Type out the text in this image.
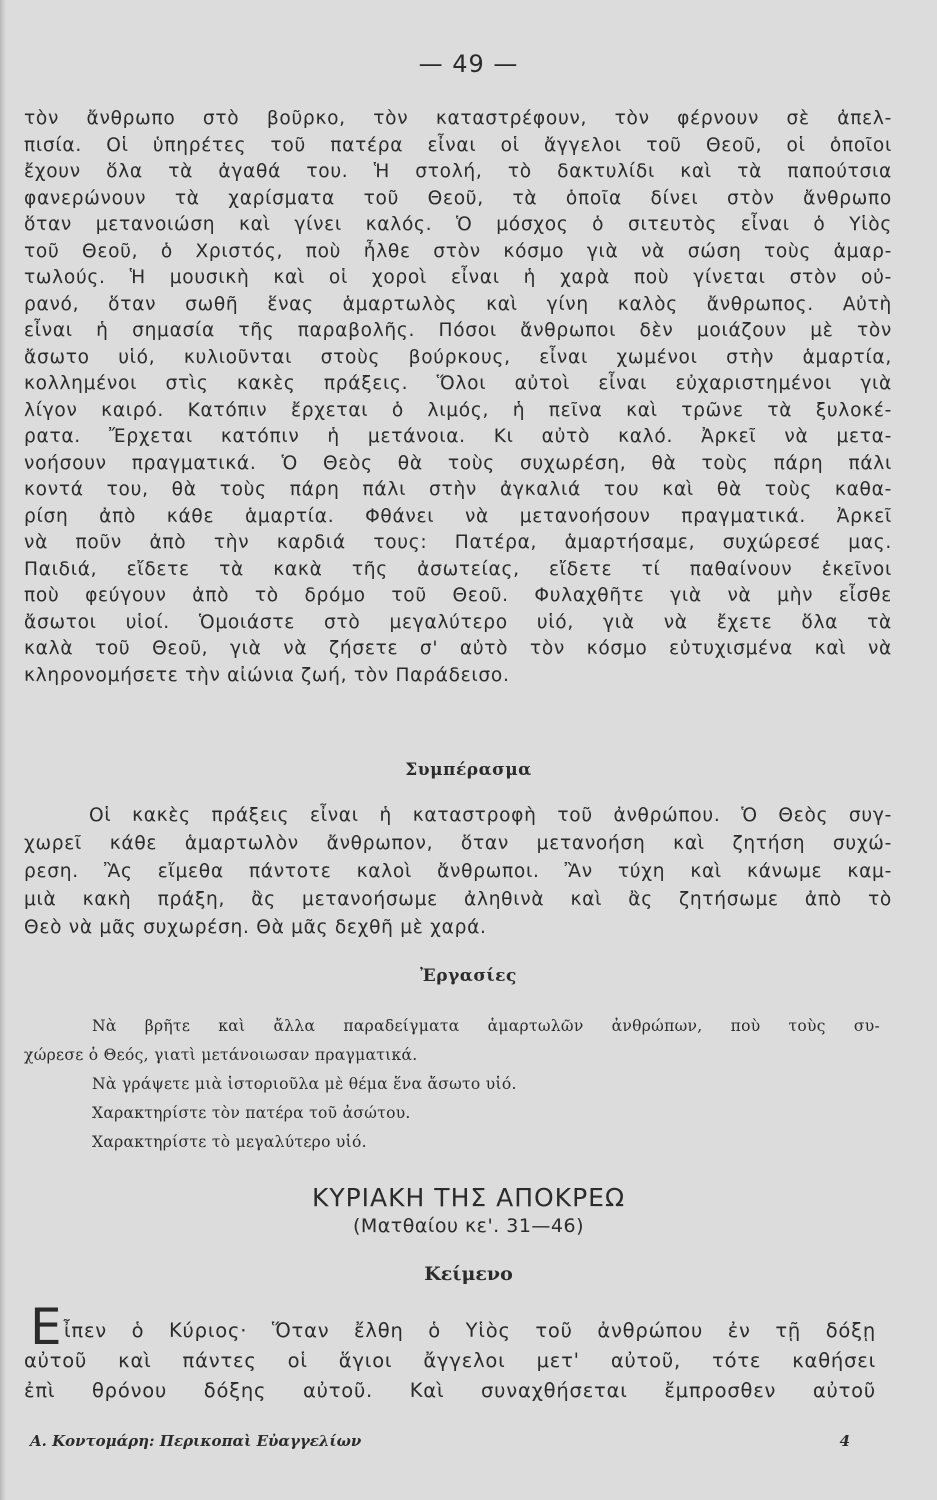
— 49 —
τὸν ἄνθρωπο στὸ βοῦρκο, τὸν καταστρέφουν, τὸν φέρνουν σὲ ἀπελ-
πισία. Οἱ ὑπηρέτες τοῦ πατέρα εἶναι οἱ ἄγγελοι τοῦ Θεοῦ, οἱ ὁποῖοι
ἔχουν ὅλα τὰ ἀγαθά του. Ἡ στολή, τὸ δακτυλίδι καὶ τὰ παπούτσια
φανερώνουν τὰ χαρίσματα τοῦ Θεοῦ, τὰ ὁποῖα δίνει στὸν ἄνθρωπο
ὅταν μετανοιώση καὶ γίνει καλός. Ὁ μόσχος ὁ σιτευτὸς εἶναι ὁ Υἱὸς
τοῦ Θεοῦ, ὁ Χριστός, ποὺ ἦλθε στὸν κόσμο γιὰ νὰ σώση τοὺς ἁμαρ-
τωλούς. Ἡ μουσικὴ καὶ οἱ χοροὶ εἶναι ἡ χαρὰ ποὺ γίνεται στὸν οὐ-
ρανό, ὅταν σωθῆ ἕνας ἁμαρτωλὸς καὶ γίνη καλὸς ἄνθρωπος. Αὐτὴ
εἶναι ἡ σημασία τῆς παραβολῆς. Πόσοι ἄνθρωποι δὲν μοιάζουν μὲ τὸν
ἄσωτο υἱό, κυλιοῦνται στοὺς βούρκους, εἶναι χωμένοι στὴν ἁμαρτία,
κολλημένοι στὶς κακὲς πράξεις. Ὅλοι αὐτοὶ εἶναι εὐχαριστημένοι γιὰ
λίγον καιρό. Κατόπιν ἔρχεται ὁ λιμός, ἡ πεῖνα καὶ τρῶνε τὰ ξυλοκέ-
ρατα. Ἔρχεται κατόπιν ἡ μετάνοια. Κι αὐτὸ καλό. Ἀρκεῖ νὰ μετα-
νοήσουν πραγματικά. Ὁ Θεὸς θὰ τοὺς συχωρέση, θὰ τοὺς πάρη πάλι
κοντά του, θὰ τοὺς πάρη πάλι στὴν ἀγκαλιά του καὶ θὰ τοὺς καθα-
ρίση ἀπὸ κάθε ἁμαρτία. Φθάνει νὰ μετανοήσουν πραγματικά. Ἀρκεῖ
νὰ ποῦν ἀπὸ τὴν καρδιά τους: Πατέρα, ἁμαρτήσαμε, συχώρεσέ μας.
Παιδιά, εἴδετε τὰ κακὰ τῆς ἀσωτείας, εἴδετε τί παθαίνουν ἐκεῖνοι
ποὺ φεύγουν ἀπὸ τὸ δρόμο τοῦ Θεοῦ. Φυλαχθῆτε γιὰ νὰ μὴν εἶσθε
ἄσωτοι υἱοί. Ὁμοιάστε στὸ μεγαλύτερο υἱό, γιὰ νὰ ἔχετε ὅλα τὰ
καλὰ τοῦ Θεοῦ, γιὰ νὰ ζήσετε σ' αὐτὸ τὸν κόσμο εὐτυχισμένα καὶ νὰ
κληρονομήσετε τὴν αἰώνια ζωή, τὸν Παράδεισο.
Συμπέρασμα
Οἱ κακὲς πράξεις εἶναι ἡ καταστροφὴ τοῦ ἀνθρώπου. Ὁ Θεὸς συγ-
χωρεῖ κάθε ἁμαρτωλὸν ἄνθρωπον, ὅταν μετανοήση καὶ ζητήση συχώ-
ρεση. Ἂς εἴμεθα πάντοτε καλοὶ ἄνθρωποι. Ἂν τύχη καὶ κάνωμε καμ-
μιὰ κακὴ πράξη, ἂς μετανοήσωμε ἀληθινὰ καὶ ἂς ζητήσωμε ἀπὸ τὸ
Θεὸ νὰ μᾶς συχωρέση. Θὰ μᾶς δεχθῆ μὲ χαρά.
Ἐργασίες
Νὰ βρῆτε καὶ ἄλλα παραδείγματα ἁμαρτωλῶν ἀνθρώπων, ποὺ τοὺς συ-
χώρεσε ὁ Θεός, γιατὶ μετάνοιωσαν πραγματικά.
Νὰ γράψετε μιὰ ἱστοριοῦλα μὲ θέμα ἕνα ἄσωτο υἱό.
Χαρακτηρίστε τὸν πατέρα τοῦ ἀσώτου.
Χαρακτηρίστε τὸ μεγαλύτερο υἱό.
ΚΥΡΙΑΚΗ ΤΗΣ ΑΠΟΚΡΕΩ
(Ματθαίου κε'. 31—46)
Κείμενο
Ε ἶπεν ὁ Κύριος· Ὅταν ἔλθη ὁ Υἱὸς τοῦ ἀνθρώπου ἐν τῇ δόξῃ
αὐτοῦ καὶ πάντες οἱ ἅγιοι ἄγγελοι μετ' αὐτοῦ, τότε καθήσει
ἐπὶ θρόνου δόξης αὐτοῦ. Καὶ συναχθήσεται ἔμπροσθεν αὐτοῦ
Α. Κοντομάρη: Περικοπαὶ Εὐαγγελίων	4
